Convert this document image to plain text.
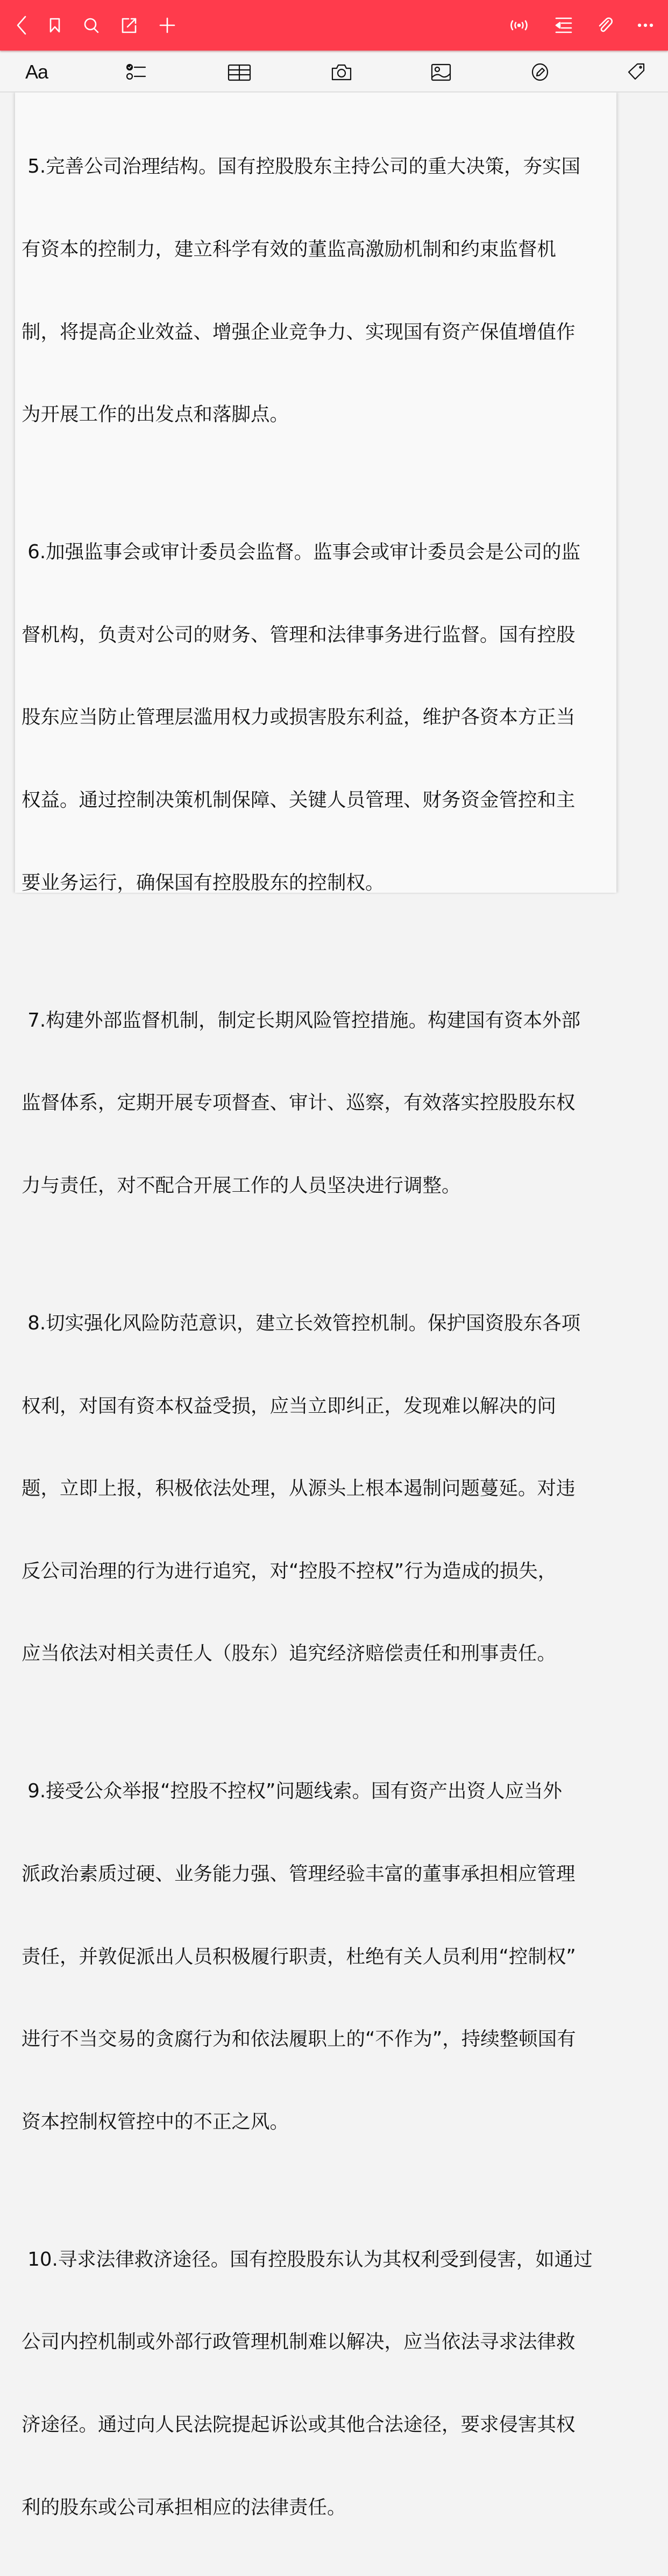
Aa

5.完善公司治理结构。国有控股股东主持公司的重大决策，夯实国

有资本的控制力，建立科学有效的董监高激励机制和约束监督机

制，将提高企业效益、增强企业竞争力、实现国有资产保值增值作

为开展工作的出发点和落脚点。

6.加强监事会或审计委员会监督。监事会或审计委员会是公司的监

督机构，负责对公司的财务、管理和法律事务进行监督。国有控股

股东应当防止管理层滥用权力或损害股东利益，维护各资本方正当

权益。通过控制决策机制保障、关键人员管理、财务资金管控和主

要业务运行，确保国有控股股东的控制权。

7.构建外部监督机制，制定长期风险管控措施。构建国有资本外部

监督体系，定期开展专项督查、审计、巡察，有效落实控股股东权

力与责任，对不配合开展工作的人员坚决进行调整。

8.切实强化风险防范意识，建立长效管控机制。保护国资股东各项

权利，对国有资本权益受损，应当立即纠正，发现难以解决的问

题，立即上报，积极依法处理，从源头上根本遏制问题蔓延。对违

反公司治理的行为进行追究，对“控股不控权”行为造成的损失，

应当依法对相关责任人（股东）追究经济赔偿责任和刑事责任。

9.接受公众举报“控股不控权”问题线索。国有资产出资人应当外

派政治素质过硬、业务能力强、管理经验丰富的董事承担相应管理

责任，并敦促派出人员积极履行职责，杜绝有关人员利用“控制权”

进行不当交易的贪腐行为和依法履职上的“不作为”，持续整顿国有

资本控制权管控中的不正之风。

10.寻求法律救济途径。国有控股股东认为其权利受到侵害，如通过

公司内控机制或外部行政管理机制难以解决，应当依法寻求法律救

济途径。通过向人民法院提起诉讼或其他合法途径，要求侵害其权

利的股东或公司承担相应的法律责任。
